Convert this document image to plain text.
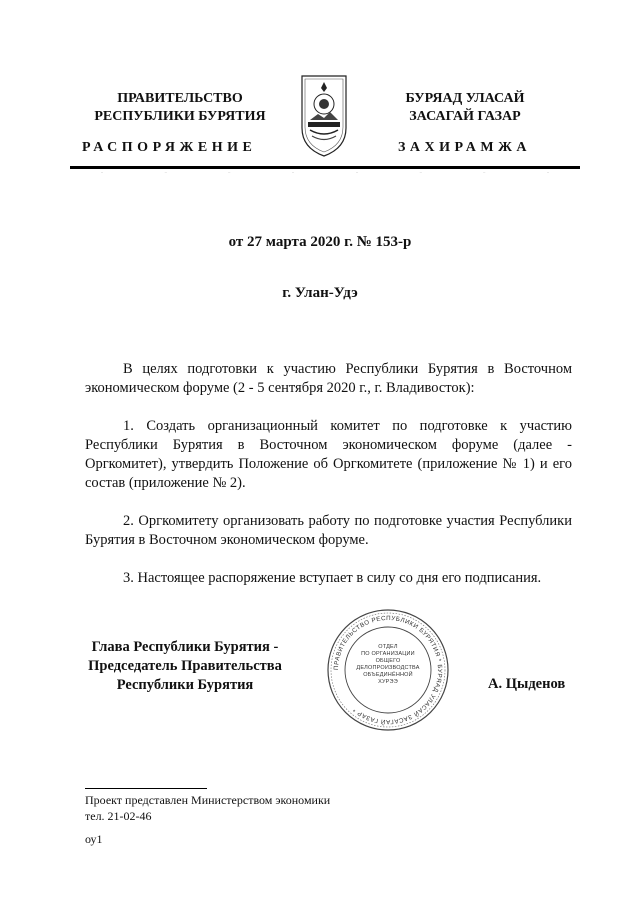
ПРАВИТЕЛЬСТВО
РЕСПУБЛИКИ БУРЯТИЯ
БУРЯАД УЛАСАЙ
ЗАСАГАЙ ГАЗАР
РАСПОРЯЖЕНИЕ	ЗАХИРАМЖА
¨	¨	¨	¨	¨	¨	¨	¨
от 27 марта 2020 г. № 153-р
г. Улан-Удэ

В целях подготовки к участию Республики Бурятия в Восточном экономическом форуме (2 - 5 сентября 2020 г., г. Владивосток):

1. Создать организационный комитет по подготовке к участию Республики Бурятия в Восточном экономическом форуме (далее - Оргкомитет), утвердить Положение об Оргкомитете (приложение № 1) и его состав (приложение № 2).

2. Оргкомитету организовать работу по подготовке участия Республики Бурятия в Восточном экономическом форуме.

3. Настоящее распоряжение вступает в силу со дня его подписания.

Глава Республики Бурятия -
Председатель Правительства
Республики Бурятия
ПРАВИТЕЛЬСТВО РЕСПУБЛИКИ БУРЯТИЯ * БУРЯАД УЛАСАЙ ЗАСАГАЙ ГАЗАР *
ОТДЕЛ
ПО ОРГАНИЗАЦИИ
ОБЩЕГО
ДЕЛОПРОИЗВОДСТВА
ОБЪЕДИНЁННОЙ
ХУРЭЭ	А. Цыденов
Проект представлен Министерством экономики
тел. 21-02-46
оу1
